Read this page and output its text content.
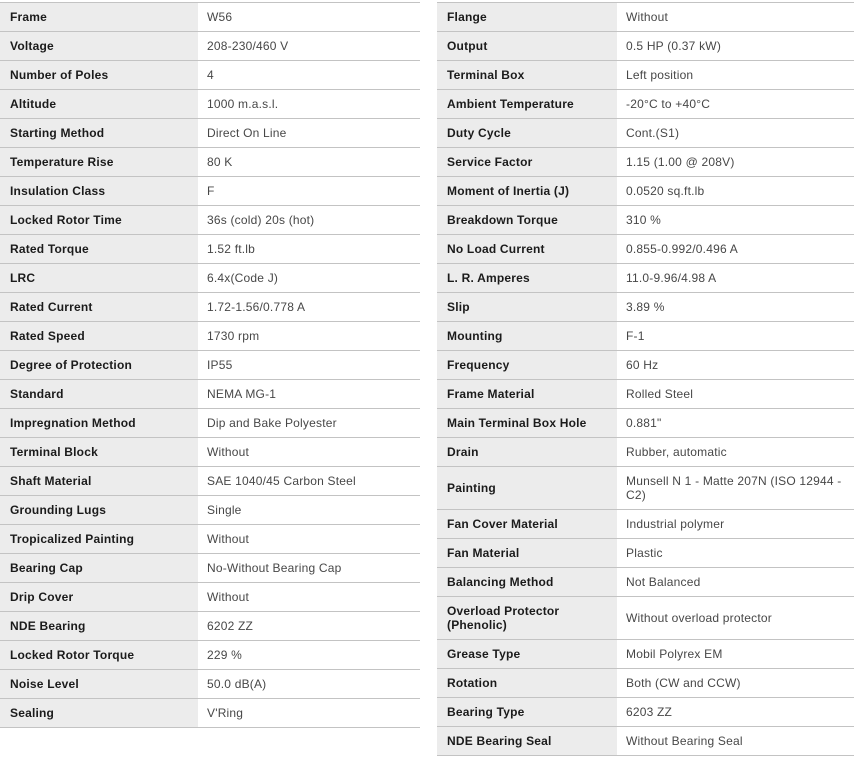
Frame	W56
Voltage	208-230/460 V
Number of Poles	4
Altitude	1000 m.a.s.l.
Starting Method	Direct On Line
Temperature Rise	80 K
Insulation Class	F
Locked Rotor Time	36s (cold) 20s (hot)
Rated Torque	1.52 ft.lb
LRC	6.4x(Code J)
Rated Current	1.72-1.56/0.778 A
Rated Speed	1730 rpm
Degree of Protection	IP55
Standard	NEMA MG-1
Impregnation Method	Dip and Bake Polyester
Terminal Block	Without
Shaft Material	SAE 1040/45 Carbon Steel
Grounding Lugs	Single
Tropicalized Painting	Without
Bearing Cap	No-Without Bearing Cap
Drip Cover	Without
NDE Bearing	6202 ZZ
Locked Rotor Torque	229 %
Noise Level	50.0 dB(A)
Sealing	V'Ring
Flange	Without
Output	0.5 HP (0.37 kW)
Terminal Box	Left position
Ambient Temperature	-20°C to +40°C
Duty Cycle	Cont.(S1)
Service Factor	1.15 (1.00 @ 208V)
Moment of Inertia (J)	0.0520 sq.ft.lb
Breakdown Torque	310 %
No Load Current	0.855-0.992/0.496 A
L. R. Amperes	11.0-9.96/4.98 A
Slip	3.89 %
Mounting	F-1
Frequency	60 Hz
Frame Material	Rolled Steel
Main Terminal Box Hole	0.881"
Drain	Rubber, automatic
Painting	Munsell N 1 - Matte 207N (ISO 12944 - C2)
Fan Cover Material	Industrial polymer
Fan Material	Plastic
Balancing Method	Not Balanced
Overload Protector (Phenolic)	Without overload protector
Grease Type	Mobil Polyrex EM
Rotation	Both (CW and CCW)
Bearing Type	6203 ZZ
NDE Bearing Seal	Without Bearing Seal
